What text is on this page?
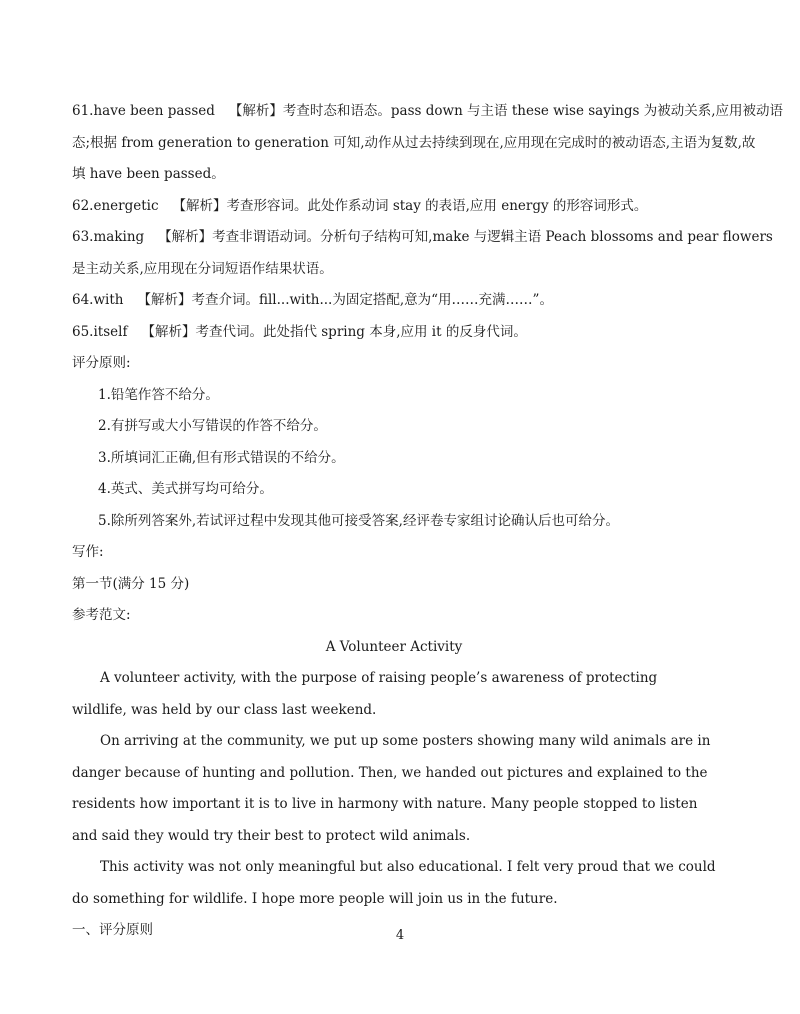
61.have been passed 【解析】考查时态和语态。pass down 与主语 these wise sayings 为被动关系,应用被动语
态;根据 from generation to generation 可知,动作从过去持续到现在,应用现在完成时的被动语态,主语为复数,故
填 have been passed。
62.energetic 【解析】考查形容词。此处作系动词 stay 的表语,应用 energy 的形容词形式。
63.making 【解析】考查非谓语动词。分析句子结构可知,make 与逻辑主语 Peach blossoms and pear flowers
是主动关系,应用现在分词短语作结果状语。
64.with 【解析】考查介词。fill...with...为固定搭配,意为“用……充满……”。
65.itself 【解析】考查代词。此处指代 spring 本身,应用 it 的反身代词。
评分原则:
1.铅笔作答不给分。
2.有拼写或大小写错误的作答不给分。
3.所填词汇正确,但有形式错误的不给分。
4.英式、美式拼写均可给分。
5.除所列答案外,若试评过程中发现其他可接受答案,经评卷专家组讨论确认后也可给分。
写作:
第一节(满分 15 分)
参考范文:
A Volunteer Activity
A volunteer activity, with the purpose of raising people’s awareness of protecting wildlife, was held by our class last weekend.
On arriving at the community, we put up some posters showing many wild animals are in danger because of hunting and pollution. Then, we handed out pictures and explained to the residents how important it is to live in harmony with nature. Many people stopped to listen and said they would try their best to protect wild animals.
This activity was not only meaningful but also educational. I felt very proud that we could do something for wildlife. I hope more people will join us in the future.
一、评分原则	4
